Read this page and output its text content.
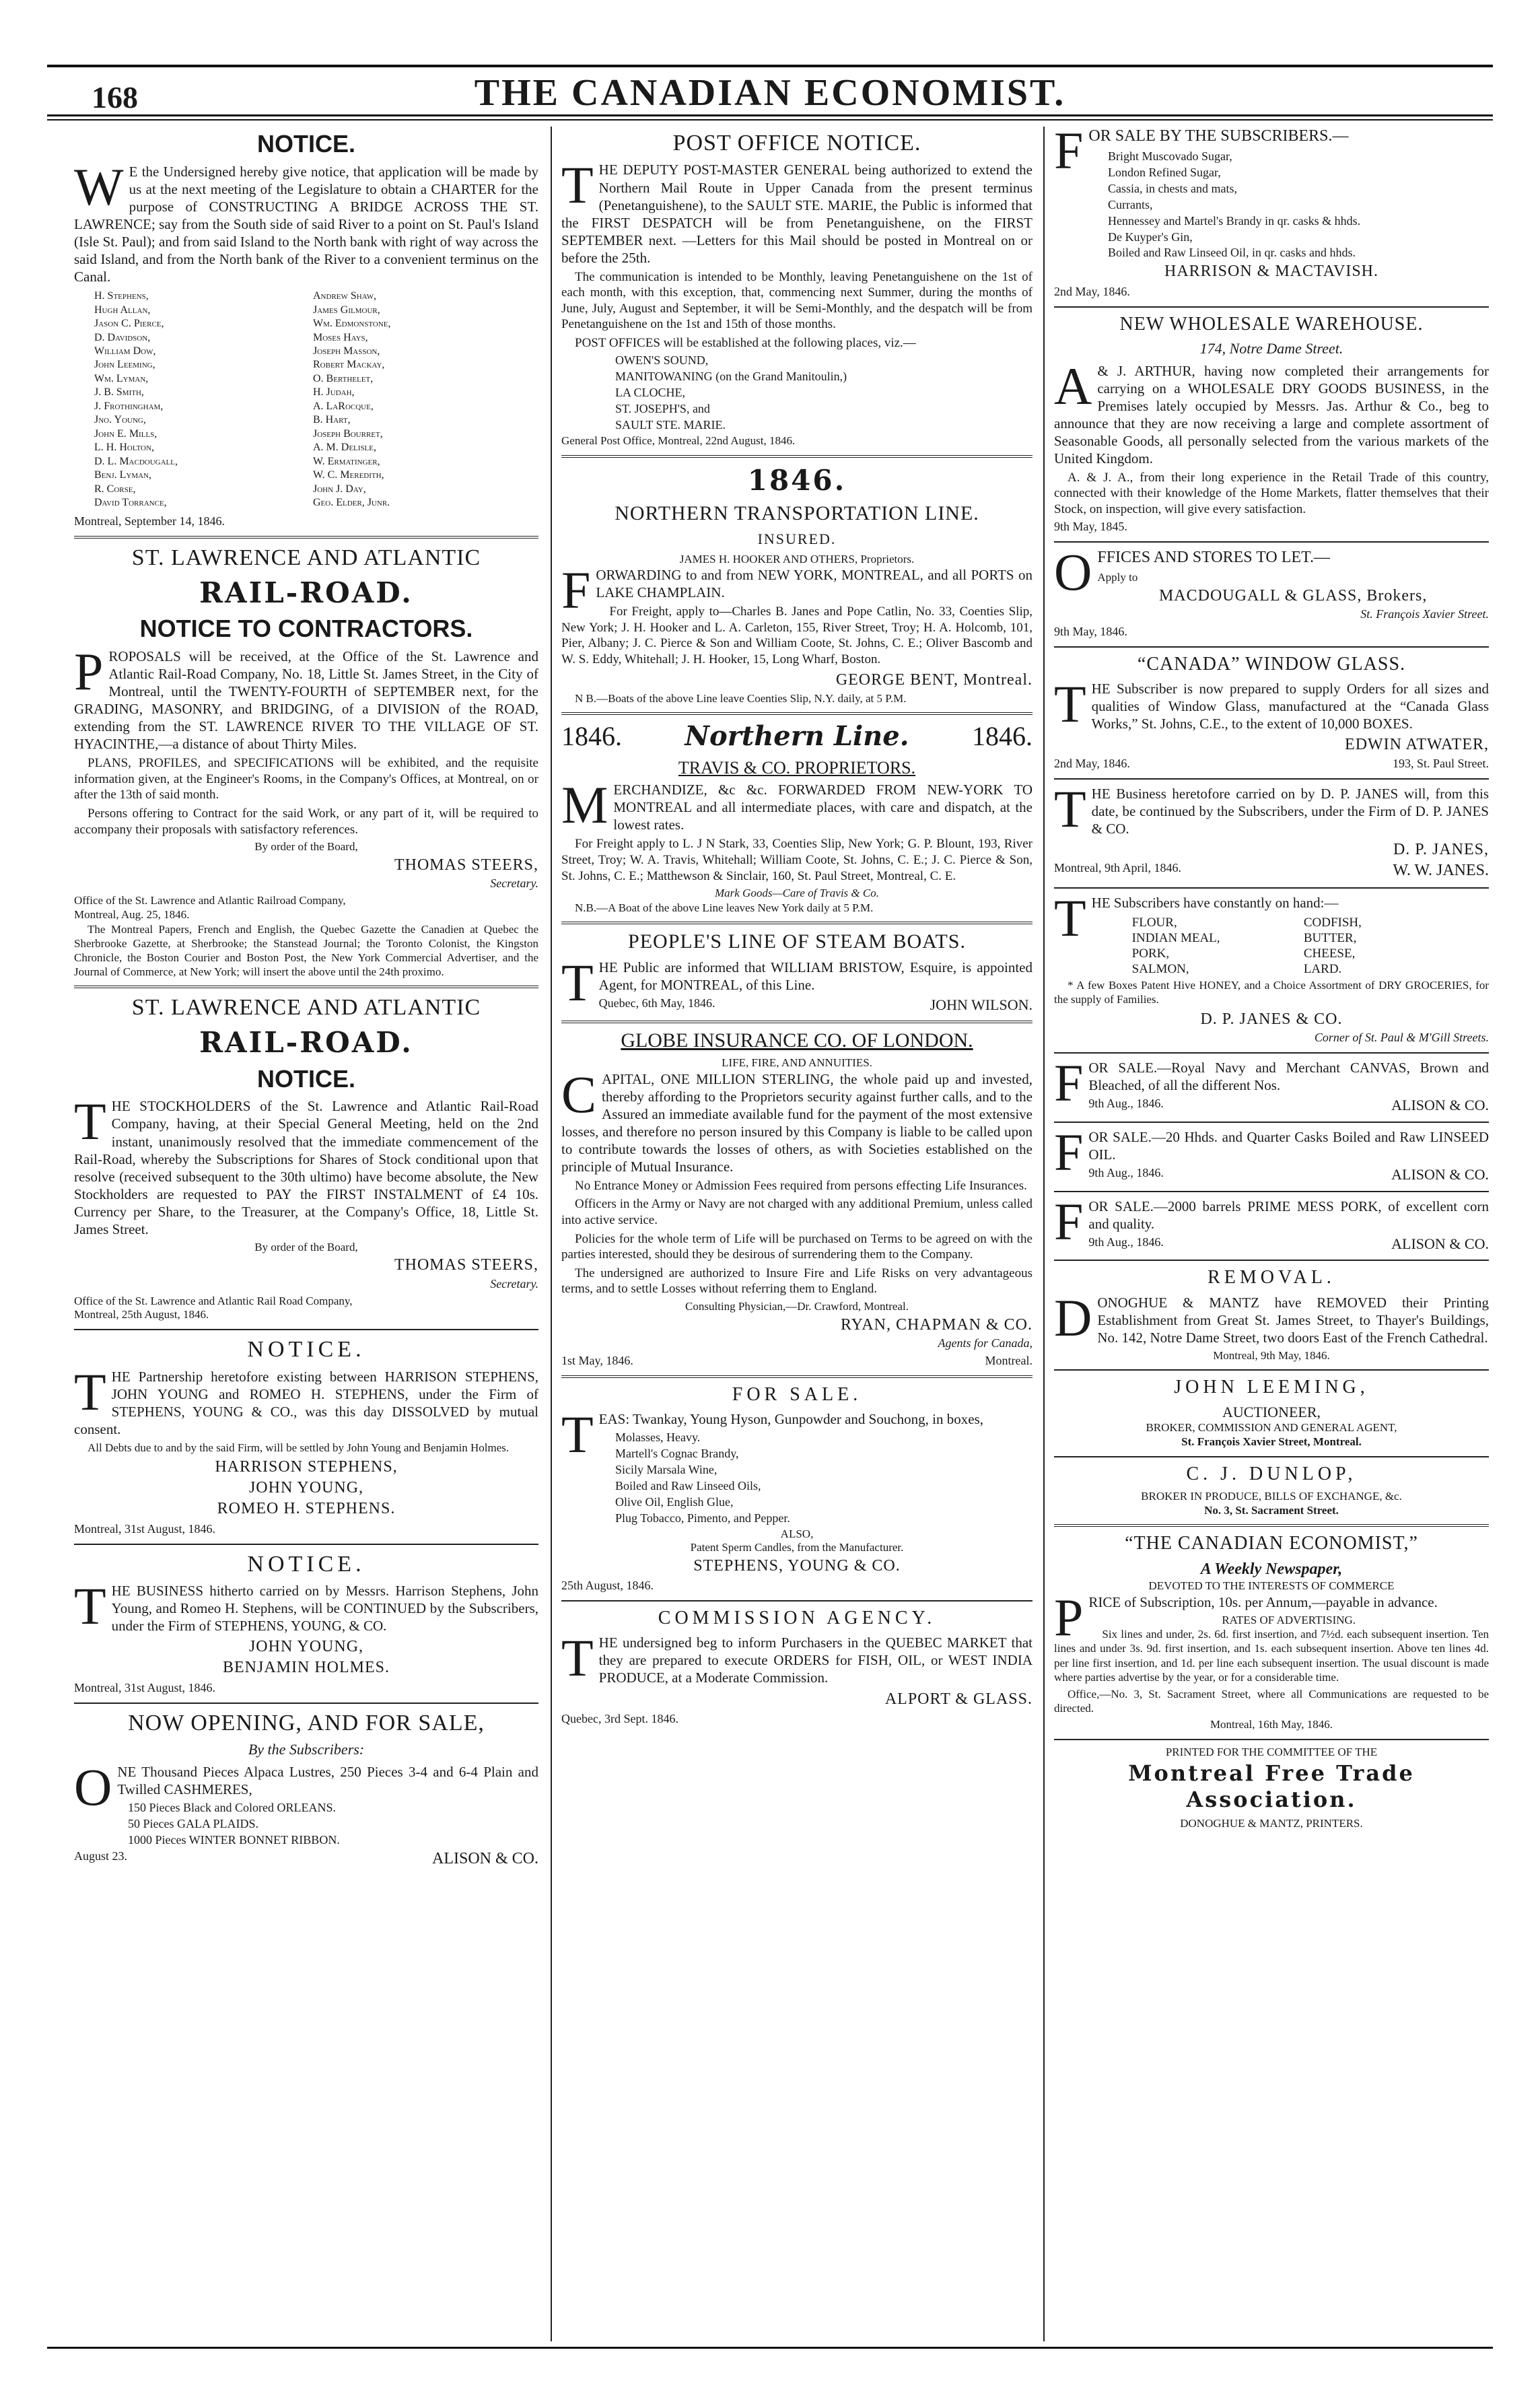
168	THE CANADIAN ECONOMIST.
NOTICE.
W E the Undersigned hereby give notice, that application will be made by us at the next meeting of the Legislature to obtain a CHARTER for the purpose of CONSTRUCTING A BRIDGE ACROSS THE ST. LAWRENCE; say from the South side of said River to a point on St. Paul's Island (Isle St. Paul); and from said Island to the North bank with right of way across the said Island, and from the North bank of the River to a convenient terminus on the Canal.
H. Stephens,	Andrew Shaw,
Hugh Allan,	James Gilmour,
Jason C. Pierce,	Wm. Edmonstone,
D. Davidson,	Moses Hays,
William Dow,	Joseph Masson,
John Leeming,	Robert Mackay,
Wm. Lyman,	O. Berthelet,
J. B. Smith,	H. Judah,
J. Frothingham,	A. LaRocque,
Jno. Young,	B. Hart,
John E. Mills,	Joseph Bourret,
L. H. Holton,	A. M. Delisle,
D. L. Macdougall,	W. Ermatinger,
Benj. Lyman,	W. C. Meredith,
R. Corse,	John J. Day,
David Torrance,	Geo. Elder, Junr.
Montreal, September 14, 1846.
ST. LAWRENCE AND ATLANTIC
RAIL-ROAD.
NOTICE TO CONTRACTORS.
PROPOSALS will be received, at the Office of the St. Lawrence and Atlantic Rail-Road Company, No. 18, Little St. James Street, in the City of Montreal, until the TWENTY-FOURTH of SEPTEMBER next, for the GRADING, MASONRY, and BRIDGING, of a DIVISION of the ROAD, extending from the ST. LAWRENCE RIVER TO THE VILLAGE OF ST. HYACINTHE,—a distance of about Thirty Miles.
PLANS, PROFILES, and SPECIFICATIONS will be exhibited, and the requisite information given, at the Engineer's Rooms, in the Company's Offices, at Montreal, on or after the 13th of said month.
Persons offering to Contract for the said Work, or any part of it, will be required to accompany their proposals with satisfactory references.
By order of the Board,
THOMAS STEERS,
Secretary.
Office of the St. Lawrence and Atlantic Railroad Company, Montreal, Aug. 25, 1846.
The Montreal Papers, French and English, the Quebec Gazette the Canadien at Quebec the Sherbrooke Gazette, at Sherbrooke; the Stanstead Journal; the Toronto Colonist, the Kingston Chronicle, the Boston Courier and Boston Post, the New York Commercial Advertiser, and the Journal of Commerce, at New York; will insert the above until the 24th proximo.
ST. LAWRENCE AND ATLANTIC
RAIL-ROAD.
NOTICE.
THE STOCKHOLDERS of the St. Lawrence and Atlantic Rail-Road Company, having, at their Special General Meeting, held on the 2nd instant, unanimously resolved that the immediate commencement of the Rail-Road, whereby the Subscriptions for Shares of Stock conditional upon that resolve (received subsequent to the 30th ultimo) have become absolute, the New Stockholders are requested to PAY the FIRST INSTALMENT of £4 10s. Currency per Share, to the Treasurer, at the Company's Office, 18, Little St. James Street.
By order of the Board,
THOMAS STEERS,
Secretary.
Office of the St. Lawrence and Atlantic Rail Road Company, Montreal, 25th August, 1846.
NOTICE.
THE Partnership heretofore existing between HARRISON STEPHENS, JOHN YOUNG and ROMEO H. STEPHENS, under the Firm of STEPHENS, YOUNG & CO., was this day DISSOLVED by mutual consent.
All Debts due to and by the said Firm, will be settled by John Young and Benjamin Holmes.
HARRISON STEPHENS,
JOHN YOUNG,
ROMEO H. STEPHENS.
Montreal, 31st August, 1846.
NOTICE.
THE BUSINESS hitherto carried on by Messrs. Harrison Stephens, John Young, and Romeo H. Stephens, will be CONTINUED by the Subscribers, under the Firm of STEPHENS, YOUNG, & CO.
JOHN YOUNG,
BENJAMIN HOLMES.
Montreal, 31st August, 1846.
NOW OPENING, AND FOR SALE,
By the Subscribers:
ONE Thousand Pieces Alpaca Lustres, 250 Pieces 3-4 and 6-4 Plain and Twilled CASHMERES,
150 Pieces Black and Colored ORLEANS.
50 Pieces GALA PLAIDS.
1000 Pieces WINTER BONNET RIBBON.
August 23.	ALISON & CO.
POST OFFICE NOTICE.
THE DEPUTY POST-MASTER GENERAL being authorized to extend the Northern Mail Route in Upper Canada from the present terminus (Penetanguishene), to the SAULT STE. MARIE, the Public is informed that the FIRST DESPATCH will be from Penetanguishene, on the FIRST SEPTEMBER next. —Letters for this Mail should be posted in Montreal on or before the 25th.
The communication is intended to be Monthly, leaving Penetanguishene on the 1st of each month, with this exception, that, commencing next Summer, during the months of June, July, August and September, it will be Semi-Monthly, and the despatch will be from Penetanguishene on the 1st and 15th of those months.
POST OFFICES will be established at the following places, viz.—
OWEN'S SOUND,
MANITOWANING (on the Grand Manitoulin,)
LA CLOCHE,
ST. JOSEPH'S, and
SAULT STE. MARIE.
General Post Office, Montreal, 22nd August, 1846.
1846.
NORTHERN TRANSPORTATION LINE.
INSURED.
JAMES H. HOOKER AND OTHERS, Proprietors.
FORWARDING to and from NEW YORK, MONTREAL, and all PORTS on LAKE CHAMPLAIN.
For Freight, apply to—Charles B. Janes and Pope Catlin, No. 33, Coenties Slip, New York; J. H. Hooker and L. A. Carleton, 155, River Street, Troy; H. A. Holcomb, 101, Pier, Albany; J. C. Pierce & Son and William Coote, St. Johns, C. E.; Oliver Bascomb and W. S. Eddy, Whitehall; J. H. Hooker, 15, Long Wharf, Boston.
GEORGE BENT, Montreal.
N B.—Boats of the above Line leave Coenties Slip, N.Y. daily, at 5 P.M.
1846. Northern Line. 1846.
TRAVIS & CO. PROPRIETORS.
MERCHANDIZE, &c &c. FORWARDED FROM NEW-YORK TO MONTREAL and all intermediate places, with care and dispatch, at the lowest rates.
For Freight apply to L. J N Stark, 33, Coenties Slip, New York; G. P. Blount, 193, River Street, Troy; W. A. Travis, Whitehall; William Coote, St. Johns, C. E.; J. C. Pierce & Son, St. Johns, C. E.; Matthewson & Sinclair, 160, St. Paul Street, Montreal, C. E.
Mark Goods—Care of Travis & Co.
N.B.—A Boat of the above Line leaves New York daily at 5 P.M.
PEOPLE'S LINE OF STEAM BOATS.
THE Public are informed that WILLIAM BRISTOW, Esquire, is appointed Agent, for MONTREAL, of this Line.
Quebec, 6th May, 1846.	JOHN WILSON.
GLOBE INSURANCE CO. OF LONDON.
LIFE, FIRE, AND ANNUITIES.
CAPITAL, ONE MILLION STERLING, the whole paid up and invested, thereby affording to the Proprietors security against further calls, and to the Assured an immediate available fund for the payment of the most extensive losses, and therefore no person insured by this Company is liable to be called upon to contribute towards the losses of others, as with Societies established on the principle of Mutual Insurance.
No Entrance Money or Admission Fees required from persons effecting Life Insurances.
Officers in the Army or Navy are not charged with any additional Premium, unless called into active service.
Policies for the whole term of Life will be purchased on Terms to be agreed on with the parties interested, should they be desirous of surrendering them to the Company.
The undersigned are authorized to Insure Fire and Life Risks on very advantageous terms, and to settle Losses without referring them to England.
Consulting Physician,—Dr. Crawford, Montreal.
RYAN, CHAPMAN & CO.
Agents for Canada,
1st May, 1846.	Montreal.
FOR SALE.
TEAS: Twankay, Young Hyson, Gunpowder and Souchong, in boxes,
Molasses, Heavy.
Martell's Cognac Brandy,
Sicily Marsala Wine,
Boiled and Raw Linseed Oils,
Olive Oil, English Glue,
Plug Tobacco, Pimento, and Pepper.
ALSO,
Patent Sperm Candles, from the Manufacturer.
STEPHENS, YOUNG & CO.
25th August, 1846.
COMMISSION AGENCY.
THE undersigned beg to inform Purchasers in the QUEBEC MARKET that they are prepared to execute ORDERS for FISH, OIL, or WEST INDIA PRODUCE, at a Moderate Commission.
ALPORT & GLASS.
Quebec, 3rd Sept. 1846.
FOR SALE BY THE SUBSCRIBERS.—
Bright Muscovado Sugar,
London Refined Sugar,
Cassia, in chests and mats,
Currants,
Hennessey and Martel's Brandy in qr. casks & hhds.
De Kuyper's Gin,
Boiled and Raw Linseed Oil, in qr. casks and hhds.
HARRISON & MACTAVISH.
2nd May, 1846.
NEW WHOLESALE WAREHOUSE.
174, Notre Dame Street.
A & J. ARTHUR, having now completed their arrangements for carrying on a WHOLESALE DRY GOODS BUSINESS, in the Premises lately occupied by Messrs. Jas. Arthur & Co., beg to announce that they are now receiving a large and complete assortment of Seasonable Goods, all personally selected from the various markets of the United Kingdom.
A. & J. A., from their long experience in the Retail Trade of this country, connected with their knowledge of the Home Markets, flatter themselves that their Stock, on inspection, will give every satisfaction.
9th May, 1845.
OFFICES AND STORES TO LET.—
Apply to
MACDOUGALL & GLASS, Brokers,
St. François Xavier Street.
9th May, 1846.
“CANADA” WINDOW GLASS.
THE Subscriber is now prepared to supply Orders for all sizes and qualities of Window Glass, manufactured at the “Canada Glass Works,” St. Johns, C.E., to the extent of 10,000 BOXES.
EDWIN ATWATER,
2nd May, 1846.	193, St. Paul Street.
THE Business heretofore carried on by D. P. JANES will, from this date, be continued by the Subscribers, under the Firm of D. P. JANES & CO.
D. P. JANES,
Montreal, 9th April, 1846.	W. W. JANES.
THE Subscribers have constantly on hand:—
FLOUR,	CODFISH,
INDIAN MEAL,	BUTTER,
PORK,	CHEESE,
SALMON,	LARD.
* A few Boxes Patent Hive HONEY, and a Choice Assortment of DRY GROCERIES, for the supply of Families.
D. P. JANES & CO.
Corner of St. Paul & M'Gill Streets.
FOR SALE.—Royal Navy and Merchant CANVAS, Brown and Bleached, of all the different Nos.
9th Aug., 1846.	ALISON & CO.
FOR SALE.—20 Hhds. and Quarter Casks Boiled and Raw LINSEED OIL.
9th Aug., 1846.	ALISON & CO.
FOR SALE.—2000 barrels PRIME MESS PORK, of excellent corn and quality.
9th Aug., 1846.	ALISON & CO.
REMOVAL.
DONOGHUE & MANTZ have REMOVED their Printing Establishment from Great St. James Street, to Thayer's Buildings, No. 142, Notre Dame Street, two doors East of the French Cathedral.
Montreal, 9th May, 1846.
JOHN LEEMING,
AUCTIONEER,
BROKER, COMMISSION AND GENERAL AGENT,
St. François Xavier Street, Montreal.
C. J. DUNLOP,
BROKER IN PRODUCE, BILLS OF EXCHANGE, &c.
No. 3, St. Sacrament Street.
“THE CANADIAN ECONOMIST,”
A Weekly Newspaper,
DEVOTED TO THE INTERESTS OF COMMERCE
PRICE of Subscription, 10s. per Annum,—payable in advance.
RATES OF ADVERTISING.
Six lines and under, 2s. 6d. first insertion, and 7½d. each subsequent insertion. Ten lines and under 3s. 9d. first insertion, and 1s. each subsequent insertion. Above ten lines 4d. per line first insertion, and 1d. per line each subsequent insertion. The usual discount is made where parties advertise by the year, or for a considerable time.
Office,—No. 3, St. Sacrament Street, where all Communications are requested to be directed.
Montreal, 16th May, 1846.
PRINTED FOR THE COMMITTEE OF THE
Montreal Free Trade Association.
DONOGHUE & MANTZ, PRINTERS.
